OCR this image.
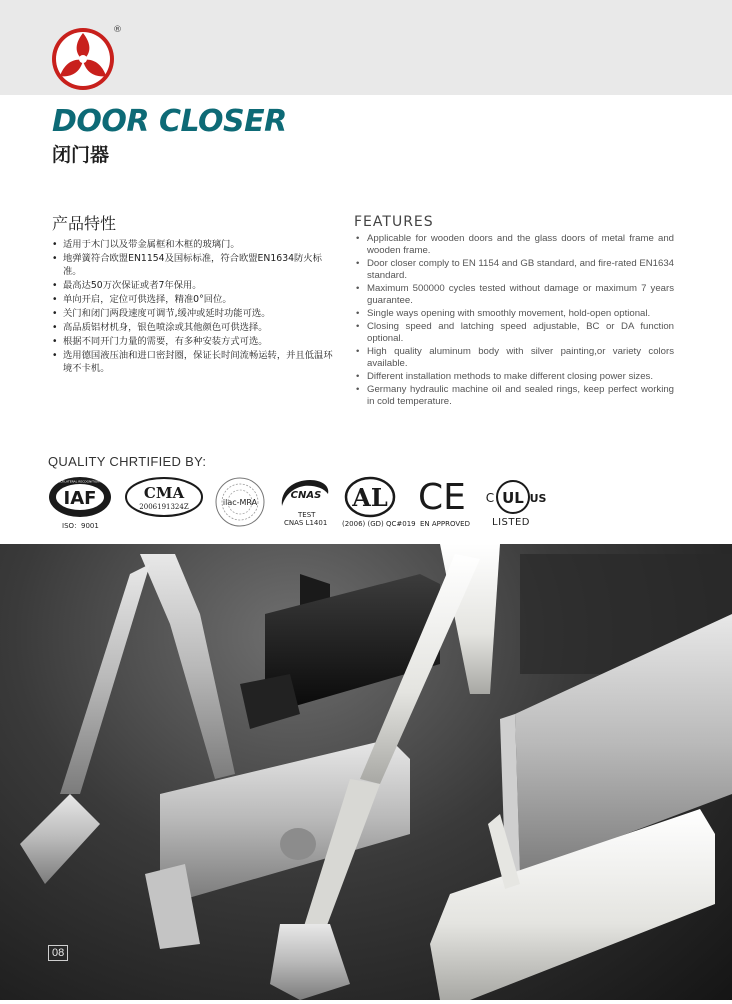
®
DOOR CLOSER
闭门器
产品特性
• 适用于木门以及带金属框和木框的玻璃门。
• 地弹簧符合欧盟EN1154及国标标准，符合欧盟EN1634防火标准。
• 最高达50万次保证或者7年保用。
• 单向开启，定位可供选择，精准0°回位。
• 关门和闭门两段速度可调节,缓冲或延时功能可选。
• 高品质铝材机身，银色喷涂或其他颜色可供选择。
• 根据不同开门力量的需要，有多种安装方式可选。
• 选用德国液压油和进口密封圈，保证长时间流畅运转，并且低温环境不卡机。
FEATURES
• Applicable for wooden doors and the glass doors of metal frame and wooden frame.
• Door closer comply to EN 1154 and GB standard, and fire-rated EN1634 standard.
• Maximum 500000 cycles tested without damage or maximum 7 years guarantee.
• Single ways opening with smoothly movement, hold-open optional.
• Closing speed and latching speed adjustable, BC or DA function optional.
• High quality aluminum body with silver painting,or variety colors available.
• Different installation methods to make different closing power sizes.
• Germany hydraulic machine oil and sealed rings, keep perfect working in cold temperature.
QUALITY CHRTIFIED BY:
IAF
MEMBER OF MULTILATERAL RECOGNITION ARRANGEMENT
ISO：9001
CMA
2006191324Z	ilac-MRA
CNAS
TEST
CNAS L1401
AL
(2006) (GD) QC#019
CE
EN APPROVED
C UL US
LISTED
08
